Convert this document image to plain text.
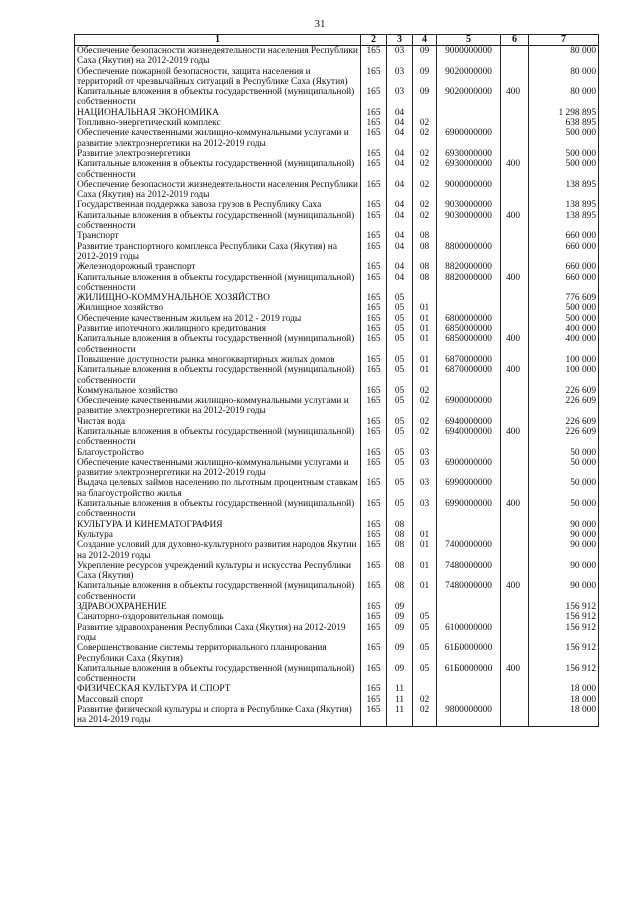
31
1	2	3	4	5	6	7
Обеспечение безопасности жизнедеятельности населения Республики Саха (Якутия) на 2012-2019 годы	165	03	09	9000000000		80 000
Обеспечение пожарной безопасности, защита населения и территорий от чрезвычайных ситуаций в Республике Саха (Якутия)	165	03	09	9020000000		80 000
Капитальные вложения в объекты государственной (муниципальной) собственности	165	03	09	9020000000	400	80 000
НАЦИОНАЛЬНАЯ ЭКОНОМИКА	165	04				1 298 895
Топливно-энергетический комплекс	165	04	02			638 895
Обеспечение качественными жилищно-коммунальными услугами и развитие электроэнергетики на 2012-2019 годы	165	04	02	6900000000		500 000
Развитие электроэнергетики	165	04	02	6930000000		500 000
Капитальные вложения в объекты государственной (муниципальной) собственности	165	04	02	6930000000	400	500 000
Обеспечение безопасности жизнедеятельности населения Республики Саха (Якутия) на 2012-2019 годы	165	04	02	9000000000		138 895
Государственная поддержка завоза грузов в Республику Саха	165	04	02	9030000000		138 895
Капитальные вложения в объекты государственной (муниципальной) собственности	165	04	02	9030000000	400	138 895
Транспорт	165	04	08			660 000
Развитие транспортного комплекса Республики Саха (Якутия) на 2012-2019 годы	165	04	08	8800000000		660 000
Железнодорожный транспорт	165	04	08	8820000000		660 000
Капитальные вложения в объекты государственной (муниципальной) собственности	165	04	08	8820000000	400	660 000
ЖИЛИЩНО-КОММУНАЛЬНОЕ ХОЗЯЙСТВО	165	05				776 609
Жилищное хозяйство	165	05	01			500 000
Обеспечение качественным жильем на 2012 - 2019 годы	165	05	01	6800000000		500 000
Развитие ипотечного жилищного кредитования	165	05	01	6850000000		400 000
Капитальные вложения в объекты государственной (муниципальной) собственности	165	05	01	6850000000	400	400 000
Повышение доступности рынка многоквартирных жилых домов	165	05	01	6870000000		100 000
Капитальные вложения в объекты государственной (муниципальной) собственности	165	05	01	6870000000	400	100 000
Коммунальное хозяйство	165	05	02			226 609
Обеспечение качественными жилищно-коммунальными услугами и развитие электроэнергетики на 2012-2019 годы	165	05	02	6900000000		226 609
Чистая вода	165	05	02	6940000000		226 609
Капитальные вложения в объекты государственной (муниципальной) собственности	165	05	02	6940000000	400	226 609
Благоустройство	165	05	03			50 000
Обеспечение качественными жилищно-коммунальными услугами и развитие электроэнергетики на 2012-2019 годы	165	05	03	6900000000		50 000
Выдача целевых займов населению по льготным процентным ставкам на благоустройство жилья	165	05	03	6990000000		50 000
Капитальные вложения в объекты государственной (муниципальной) собственности	165	05	03	6990000000	400	50 000
КУЛЬТУРА И КИНЕМАТОГРАФИЯ	165	08				90 000
Культура	165	08	01			90 000
Создание условий для духовно-культурного развития народов Якутии на 2012-2019 годы	165	08	01	7400000000		90 000
Укрепление ресурсов учреждений культуры и искусства Республики Саха (Якутия)	165	08	01	7480000000		90 000
Капитальные вложения в объекты государственной (муниципальной) собственности	165	08	01	7480000000	400	90 000
ЗДРАВООХРАНЕНИЕ	165	09				156 912
Санаторно-оздоровительная помощь	165	09	05			156 912
Развитие здравоохранения Республики Саха (Якутия) на 2012-2019 годы	165	09	05	6100000000		156 912
Совершенствование системы территориального планирования Республики Саха (Якутия)	165	09	05	61Б0000000		156 912
Капитальные вложения в объекты государственной (муниципальной) собственности	165	09	05	61Б0000000	400	156 912
ФИЗИЧЕСКАЯ КУЛЬТУРА И СПОРТ	165	11				18 000
Массовый спорт	165	11	02			18 000
Развитие физической культуры и спорта в Республике Саха (Якутия) на 2014-2019 годы	165	11	02	9800000000		18 000
